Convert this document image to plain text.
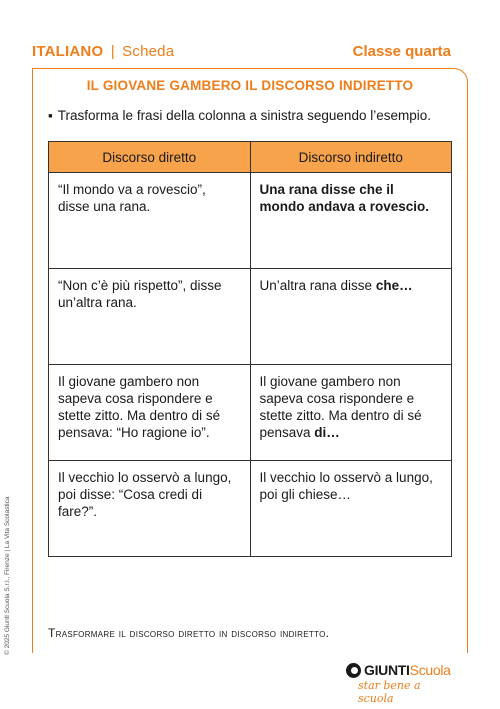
ITALIANO | Scheda	Classe quarta
IL GIOVANE GAMBERO IL DISCORSO INDIRETTO
▪ Trasforma le frasi della colonna a sinistra seguendo l’esempio.
Discorso diretto	Discorso indiretto
“Il mondo va a rovescio”, disse una rana.	Una rana disse che il mondo andava a rovescio.
“Non c’è più rispetto”, disse un’altra rana.	Un’altra rana disse che…
Il giovane gambero non sapeva cosa rispondere e stette zitto. Ma dentro di sé pensava: “Ho ragione io”.	Il giovane gambero non sapeva cosa rispondere e stette zitto. Ma dentro di sé pensava di…
Il vecchio lo osservò a lungo, poi disse: “Cosa credi di fare?”.	Il vecchio lo osservò a lungo, poi gli chiese…
© 2025 Giunti Scuola S.r.l., Firenze | La Vita Scolastica	Trasformare il discorso diretto in discorso indiretto.
GIUNTIScuola
star bene a scuola
